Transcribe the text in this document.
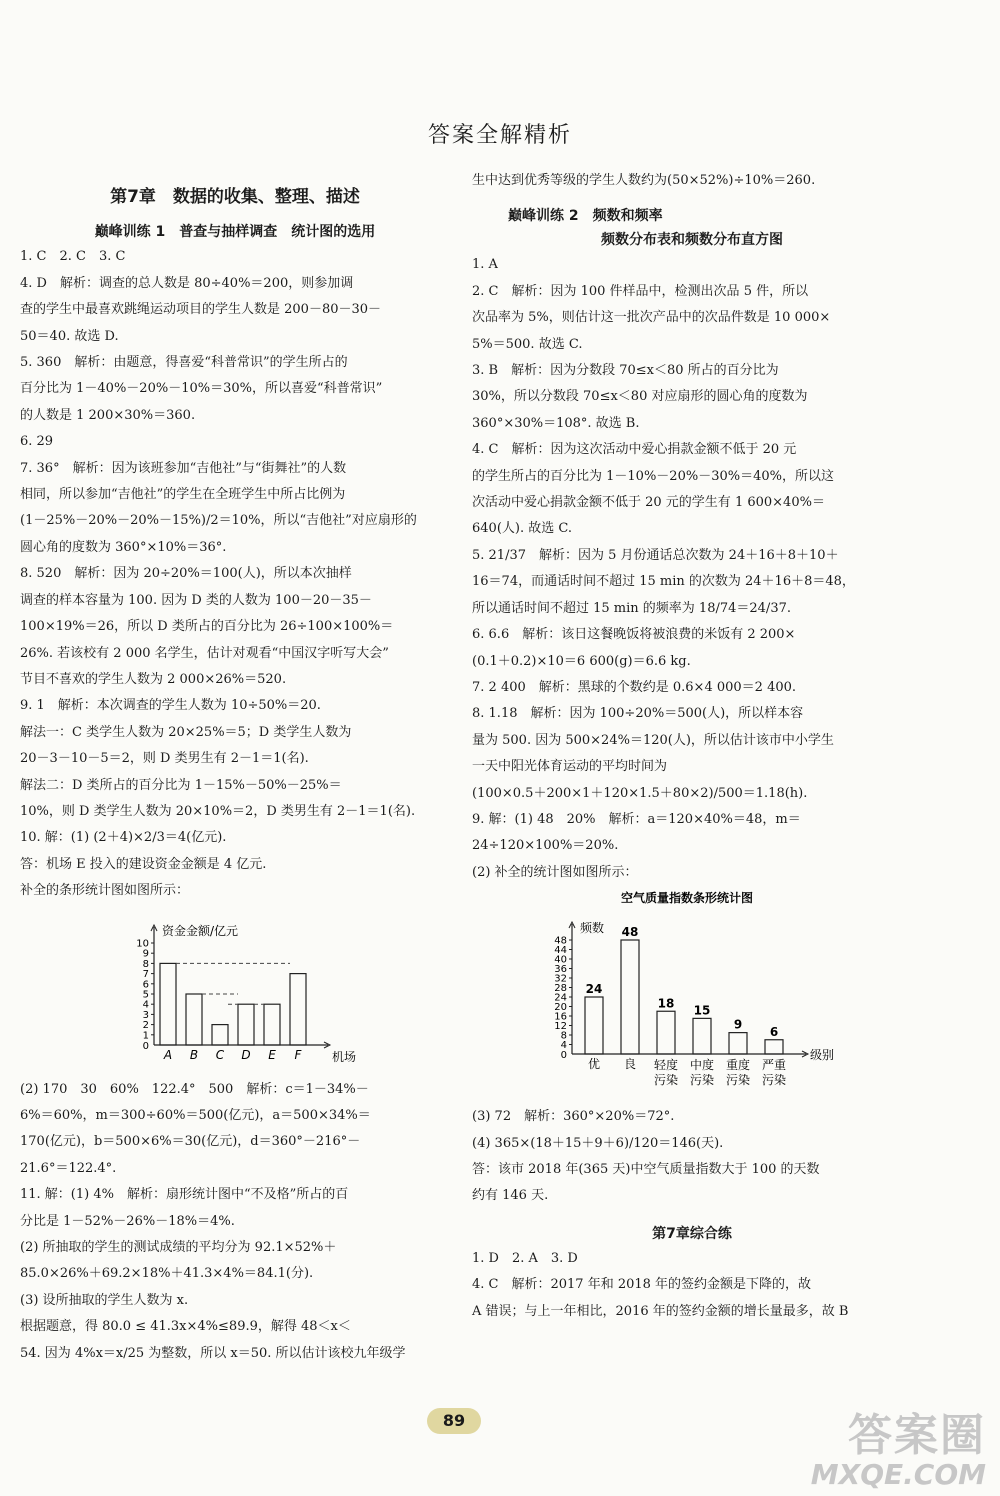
答案全解精析

第7章　数据的收集、整理、描述

巅峰训练 1　普查与抽样调查　统计图的选用

1. C　2. C　3. C

4. D　解析：调查的总人数是 80÷40%＝200，则参加调

查的学生中最喜欢跳绳运动项目的学生人数是 200－80－30－

50＝40. 故选 D.

5. 360　解析：由题意，得喜爱“科普常识”的学生所占的

百分比为 1－40%－20%－10%＝30%，所以喜爱“科普常识”

的人数是 1 200×30%＝360.

6. 29

7. 36°　解析：因为该班参加“吉他社”与“街舞社”的人数

相同，所以参加“吉他社”的学生在全班学生中所占比例为

(1－25%－20%－20%－15%)/2＝10%，所以“吉他社”对应扇形的

圆心角的度数为 360°×10%＝36°.

8. 520　解析：因为 20÷20%＝100(人)，所以本次抽样

调查的样本容量为 100. 因为 D 类的人数为 100－20－35－

100×19%＝26，所以 D 类所占的百分比为 26÷100×100%＝

26%. 若该校有 2 000 名学生，估计对观看“中国汉字听写大会”

节目不喜欢的学生人数为 2 000×26%＝520.

9. 1　解析：本次调查的学生人数为 10÷50%＝20.

解法一：C 类学生人数为 20×25%＝5；D 类学生人数为

20－3－10－5＝2，则 D 类男生有 2－1＝1(名).

解法二：D 类所占的百分比为 1－15%－50%－25%＝

10%，则 D 类学生人数为 20×10%＝2，D 类男生有 2－1＝1(名).

10. 解：(1) (2＋4)×2/3＝4(亿元).

答：机场 E 投入的建设资金金额是 4 亿元.

补全的条形统计图如图所示：

资金金额/亿元
机场
1
2
3
4
5
6
7
8
9
10
0
A B C D E F

(2) 170　30　60%　122.4°　500　解析：c＝1－34%－

6%＝60%，m＝300÷60%＝500(亿元)，a＝500×34%＝

170(亿元)，b＝500×6%＝30(亿元)，d＝360°－216°－

21.6°＝122.4°.

11. 解：(1) 4%　解析：扇形统计图中“不及格”所占的百

分比是 1－52%－26%－18%＝4%.

(2) 所抽取的学生的测试成绩的平均分为 92.1×52%＋

85.0×26%＋69.2×18%＋41.3×4%＝84.1(分).

(3) 设所抽取的学生人数为 x.

根据题意，得 80.0 ≤ 41.3x×4%≤89.9，解得 48＜x＜

54. 因为 4%x＝x/25 为整数，所以 x＝50. 所以估计该校九年级学

生中达到优秀等级的学生人数约为(50×52%)÷10%＝260.

巅峰训练 2　频数和频率

频数分布表和频数分布直方图

1. A

2. C　解析：因为 100 件样品中，检测出次品 5 件，所以

次品率为 5%，则估计这一批次产品中的次品件数是 10 000×

5%＝500. 故选 C.

3. B　解析：因为分数段 70≤x＜80 所占的百分比为

30%，所以分数段 70≤x＜80 对应扇形的圆心角的度数为

360°×30%＝108°. 故选 B.

4. C　解析：因为这次活动中爱心捐款金额不低于 20 元

的学生所占的百分比为 1－10%－20%－30%＝40%，所以这

次活动中爱心捐款金额不低于 20 元的学生有 1 600×40%＝

640(人). 故选 C.

5. 21/37　解析：因为 5 月份通话总次数为 24＋16＋8＋10＋

16＝74，而通话时间不超过 15 min 的次数为 24＋16＋8＝48，

所以通话时间不超过 15 min 的频率为 18/74＝24/37.

6. 6.6　解析：该日这餐晚饭将被浪费的米饭有 2 200×

(0.1＋0.2)×10＝6 600(g)＝6.6 kg.

7. 2 400　解析：黑球的个数约是 0.6×4 000＝2 400.

8. 1.18　解析：因为 100÷20%＝500(人)，所以样本容

量为 500. 因为 500×24%＝120(人)，所以估计该市中小学生

一天中阳光体育运动的平均时间为

(100×0.5＋200×1＋120×1.5＋80×2)/500＝1.18(h).

9. 解：(1) 48　20%　解析：a＝120×40%＝48，m＝

24÷120×100%＝20%.

(2) 补全的统计图如图所示：

空气质量指数条形统计图
频数
级别
4
8
12
16
20
24
28
32
36
40
44
48
0
24
优
48
良
18
轻度
污染
15
中度
污染
9
重度
污染
6
严重
污染

(3) 72　解析：360°×20%＝72°.

(4) 365×(18＋15＋9＋6)/120＝146(天).

答：该市 2018 年(365 天)中空气质量指数大于 100 的天数

约有 146 天.

第7章综合练

1. D　2. A　3. D

4. C　解析：2017 年和 2018 年的签约金额是下降的，故

A 错误；与上一年相比，2016 年的签约金额的增长量最多，故 B

89	答案圈
MXQE.COM
